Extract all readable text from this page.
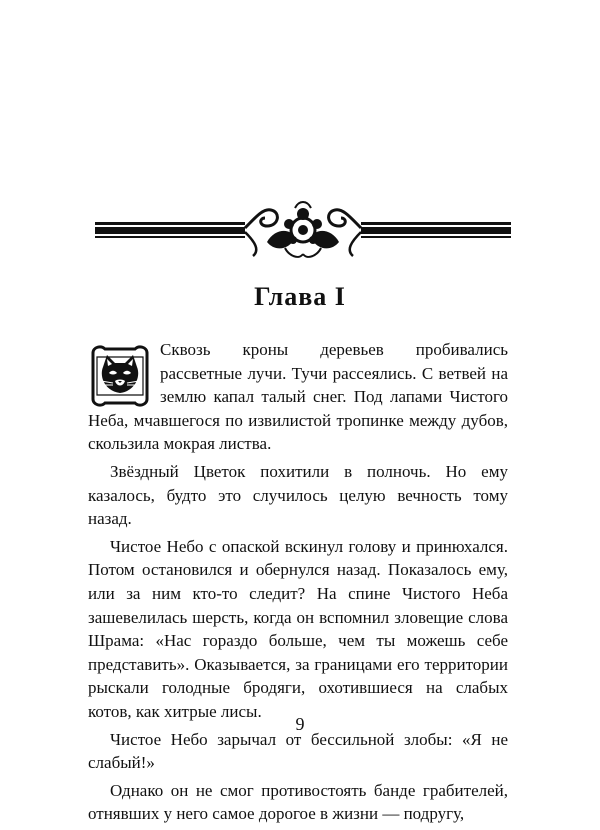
Глава I

Сквозь кроны деревьев пробивались рассветные лучи. Тучи рассеялись. С ветвей на землю капал талый снег. Под лапами Чистого Неба, мчавшегося по извилистой тропинке между дубов, скользила мокрая листва.

Звёздный Цветок похитили в полночь. Но ему казалось, будто это случилось целую вечность тому назад.

Чистое Небо с опаской вскинул голову и принюхался. Потом остановился и обернулся назад. Показалось ему, или за ним кто-то следит? На спине Чистого Неба зашевелилась шерсть, когда он вспомнил зловещие слова Шрама: «Нас гораздо больше, чем ты можешь себе представить». Оказывается, за границами его территории рыскали голодные бродяги, охотившиеся на слабых котов, как хитрые лисы.

Чистое Небо зарычал от бессильной злобы: «Я не слабый!»

Однако он не смог противостоять банде грабителей, отнявших у него самое дорогое в жизни — подругу,

9
